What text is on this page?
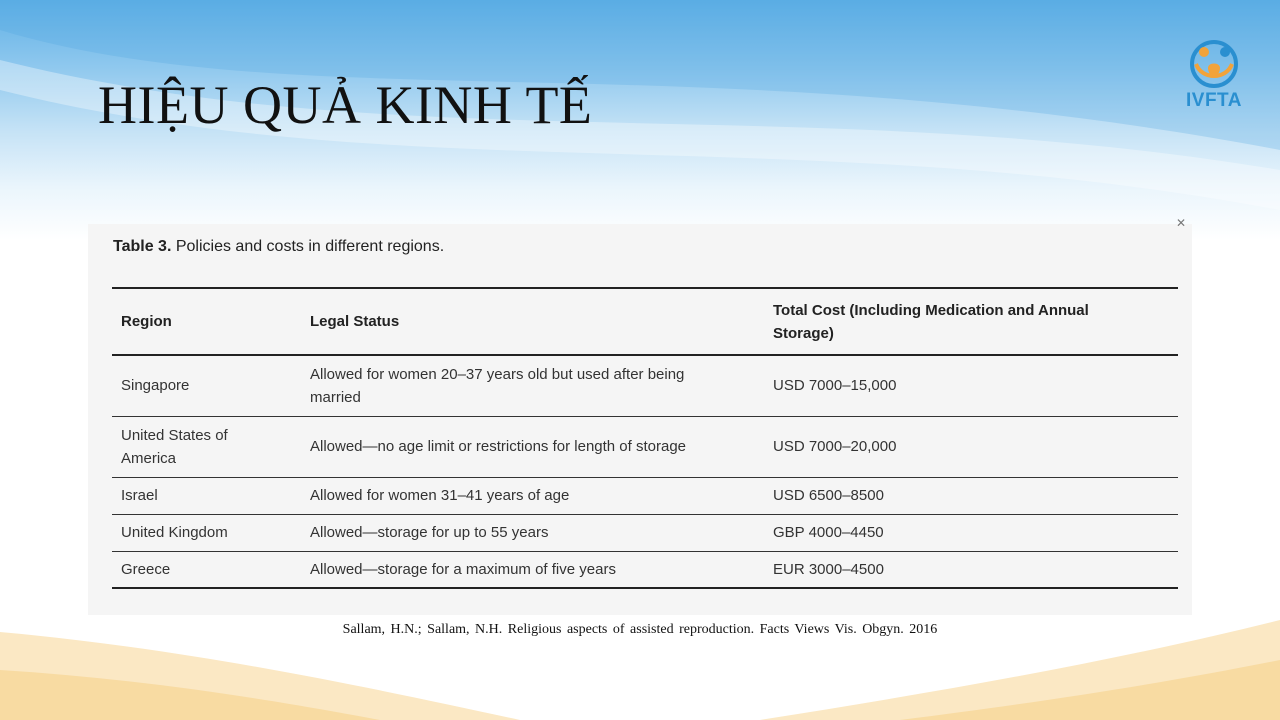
HIỆU QUẢ KINH TẾ	IVFTA
✕
Table 3. Policies and costs in different regions.
Region	Legal Status	Total Cost (Including Medication and Annual Storage)
Singapore	Allowed for women 20–37 years old but used after being married	USD 7000–15,000
United States of America	Allowed—no age limit or restrictions for length of storage	USD 7000–20,000
Israel	Allowed for women 31–41 years of age	USD 6500–8500
United Kingdom	Allowed—storage for up to 55 years	GBP 4000–4450
Greece	Allowed—storage for a maximum of five years	EUR 3000–4500
Sallam, H.N.; Sallam, N.H. Religious aspects of assisted reproduction. Facts Views Vis. Obgyn. 2016
